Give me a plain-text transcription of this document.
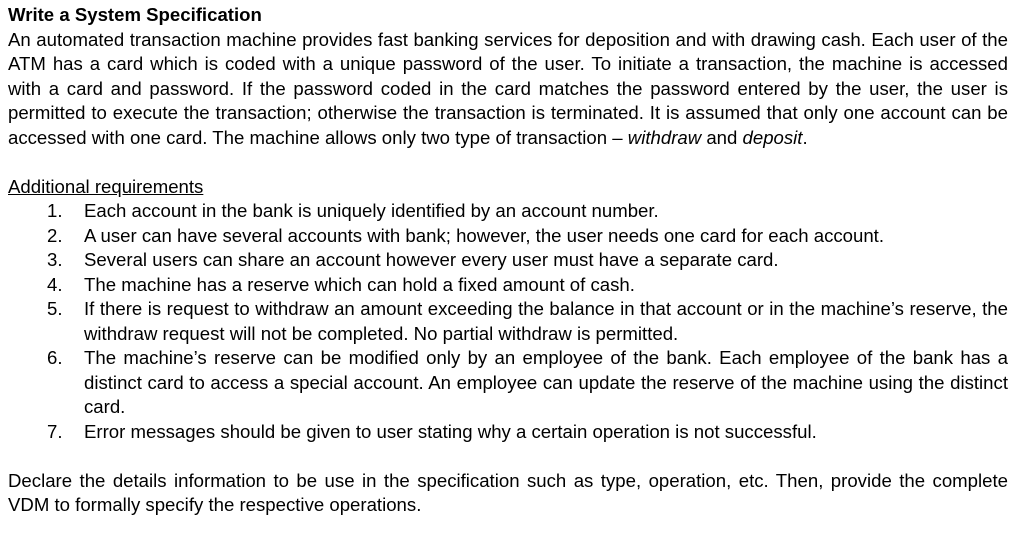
Write a System Specification

An automated transaction machine provides fast banking services for deposition and with drawing cash. Each user of the ATM has a card which is coded with a unique password of the user. To initiate a transaction, the machine is accessed with a card and password. If the password coded in the card matches the password entered by the user, the user is permitted to execute the transaction; otherwise the transaction is terminated. It is assumed that only one account can be accessed with one card. The machine allows only two type of transaction – withdraw and deposit.

Additional requirements

1.	Each account in the bank is uniquely identified by an account number.
2.	A user can have several accounts with bank; however, the user needs one card for each account.
3.	Several users can share an account however every user must have a separate card.
4.	The machine has a reserve which can hold a fixed amount of cash.
5.	If there is request to withdraw an amount exceeding the balance in that account or in the machine’s reserve, the withdraw request will not be completed. No partial withdraw is permitted.
6.	The machine’s reserve can be modified only by an employee of the bank. Each employee of the bank has a distinct card to access a special account. An employee can update the reserve of the machine using the distinct card.
7.	Error messages should be given to user stating why a certain operation is not successful.

Declare the details information to be use in the specification such as type, operation, etc. Then, provide the complete VDM to formally specify the respective operations.
